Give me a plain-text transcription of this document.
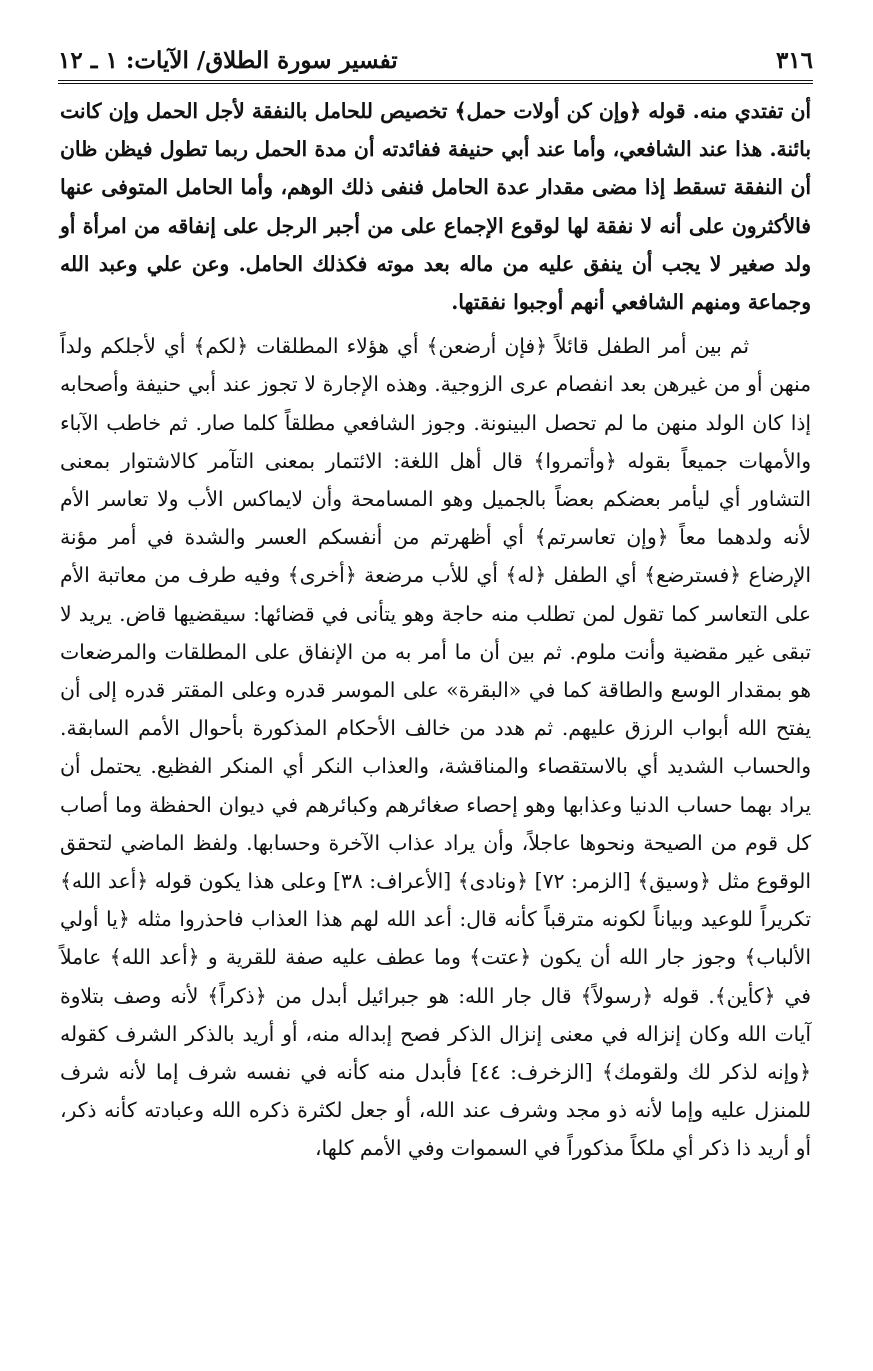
٣١٦
تفسير سورة الطلاق/ الآيات: ١ ـ ١٢

أن تفتدي منه. قوله ﴿وإن كن أولات حمل﴾ تخصيص للحامل بالنفقة لأجل الحمل وإن كانت بائنة. هذا عند الشافعي، وأما عند أبي حنيفة ففائدته أن مدة الحمل ربما تطول فيظن ظان أن النفقة تسقط إذا مضى مقدار عدة الحامل فنفى ذلك الوهم، وأما الحامل المتوفى عنها فالأكثرون على أنه لا نفقة لها لوقوع الإجماع على من أجبر الرجل على إنفاقه من امرأة أو ولد صغير لا يجب أن ينفق عليه من ماله بعد موته فكذلك الحامل. وعن علي وعبد الله وجماعة ومنهم الشافعي أنهم أوجبوا نفقتها.

ثم بين أمر الطفل قائلاً ﴿فإن أرضعن﴾ أي هؤلاء المطلقات ﴿لكم﴾ أي لأجلكم ولداً منهن أو من غيرهن بعد انفصام عرى الزوجية. وهذه الإجارة لا تجوز عند أبي حنيفة وأصحابه إذا كان الولد منهن ما لم تحصل البينونة. وجوز الشافعي مطلقاً كلما صار. ثم خاطب الآباء والأمهات جميعاً بقوله ﴿وأتمروا﴾ قال أهل اللغة: الائتمار بمعنى التآمر كالاشتوار بمعنى التشاور أي ليأمر بعضكم بعضاً بالجميل وهو المسامحة وأن لايماكس الأب ولا تعاسر الأم لأنه ولدهما معاً ﴿وإن تعاسرتم﴾ أي أظهرتم من أنفسكم العسر والشدة في أمر مؤنة الإرضاع ﴿فسترضع﴾ أي الطفل ﴿له﴾ أي للأب مرضعة ﴿أخرى﴾ وفيه طرف من معاتبة الأم على التعاسر كما تقول لمن تطلب منه حاجة وهو يتأنى في قضائها: سيقضيها قاض. يريد لا تبقى غير مقضية وأنت ملوم. ثم بين أن ما أمر به من الإنفاق على المطلقات والمرضعات هو بمقدار الوسع والطاقة كما في «البقرة» على الموسر قدره وعلى المقتر قدره إلى أن يفتح الله أبواب الرزق عليهم. ثم هدد من خالف الأحكام المذكورة بأحوال الأمم السابقة. والحساب الشديد أي بالاستقصاء والمناقشة، والعذاب النكر أي المنكر الفظيع. يحتمل أن يراد بهما حساب الدنيا وعذابها وهو إحصاء صغائرهم وكبائرهم في ديوان الحفظة وما أصاب كل قوم من الصيحة ونحوها عاجلاً، وأن يراد عذاب الآخرة وحسابها. ولفظ الماضي لتحقق الوقوع مثل ﴿وسيق﴾ [الزمر: ٧٢] ﴿ونادى﴾ [الأعراف: ٣٨] وعلى هذا يكون قوله ﴿أعد الله﴾ تكريراً للوعيد وبياناً لكونه مترقباً كأنه قال: أعد الله لهم هذا العذاب فاحذروا مثله ﴿يا أولي الألباب﴾ وجوز جار الله أن يكون ﴿عتت﴾ وما عطف عليه صفة للقرية و ﴿أعد الله﴾ عاملاً في ﴿كأين﴾. قوله ﴿رسولاً﴾ قال جار الله: هو جبرائيل أبدل من ﴿ذكراً﴾ لأنه وصف بتلاوة آيات الله وكان إنزاله في معنى إنزال الذكر فصح إبداله منه، أو أريد بالذكر الشرف كقوله ﴿وإنه لذكر لك ولقومك﴾ [الزخرف: ٤٤] فأبدل منه كأنه في نفسه شرف إما لأنه شرف للمنزل عليه وإما لأنه ذو مجد وشرف عند الله، أو جعل لكثرة ذكره الله وعبادته كأنه ذكر، أو أريد ذا ذكر أي ملكاً مذكوراً في السموات وفي الأمم كلها،
